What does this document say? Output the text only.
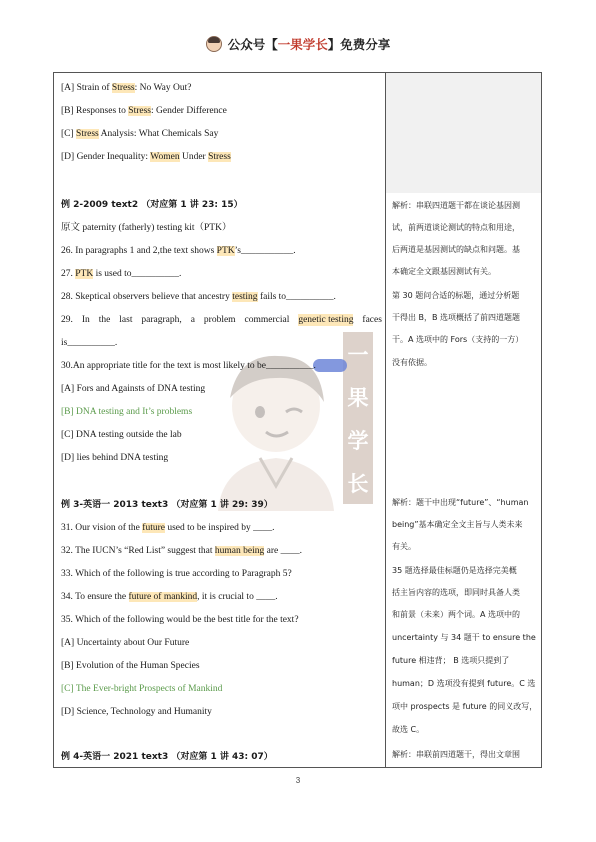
公众号【 一果学长 】免费分享
一
果
学
长
[A] Strain of Stress: No Way Out?
[B] Responses to Stress: Gender Difference
[C] Stress Analysis: What Chemicals Say
[D] Gender Inequality: Women Under Stress
例 2-2009 text2 （对应第 1 讲 23: 15）
原文 paternity (fatherly) testing kit（PTK）
26. In paragraphs 1 and 2,the text shows PTK’s___________.
27. PTK is used to__________.
28. Skeptical observers believe that ancestry testing fails to__________.
29. In the last paragraph, a problem commercial genetic testing faces
is__________.
30.An appropriate title for the text is most likely to be__________.
[A] Fors and Againsts of DNA testing
[B] DNA testing and It’s problems
[C] DNA testing outside the lab
[D] lies behind DNA testing
解析：串联四道题干都在谈论基因测
试，前两道谈论测试的特点和用途，
后两道是基因测试的缺点和问题。基
本确定全文跟基因测试有关。
第 30 题问合适的标题，通过分析题
干得出 B，B 选项概括了前四道题题
干。A 选项中的 Fors（支持的一方）
没有依据。
例 3-英语一 2013 text3 （对应第 1 讲 29: 39）
31. Our vision of the future used to be inspired by ____.
32. The IUCN’s “Red List” suggest that human being are ____.
33. Which of the following is true according to Paragraph 5?
34. To ensure the future of mankind, it is crucial to ____.
35. Which of the following would be the best title for the text?
[A] Uncertainty about Our Future
[B] Evolution of the Human Species
[C] The Ever-bright Prospects of Mankind
[D] Science, Technology and Humanity
解析：题干中出现“future”、“human
being”基本确定全文主旨与人类未来
有关。
35 题选择最佳标题仍是选择完美概
括主旨内容的选项，即同时具备人类
和前景（未来）两个词。A 选项中的
uncertainty 与 34 题干 to ensure the
future 相违背； B 选项只提到了
human；D 选项没有提到 future。C 选
项中 prospects 是 future 的同义改写，
故选 C。
例 4-英语一 2021 text3 （对应第 1 讲 43: 07）	解析：串联前四道题干，得出文章围
3
